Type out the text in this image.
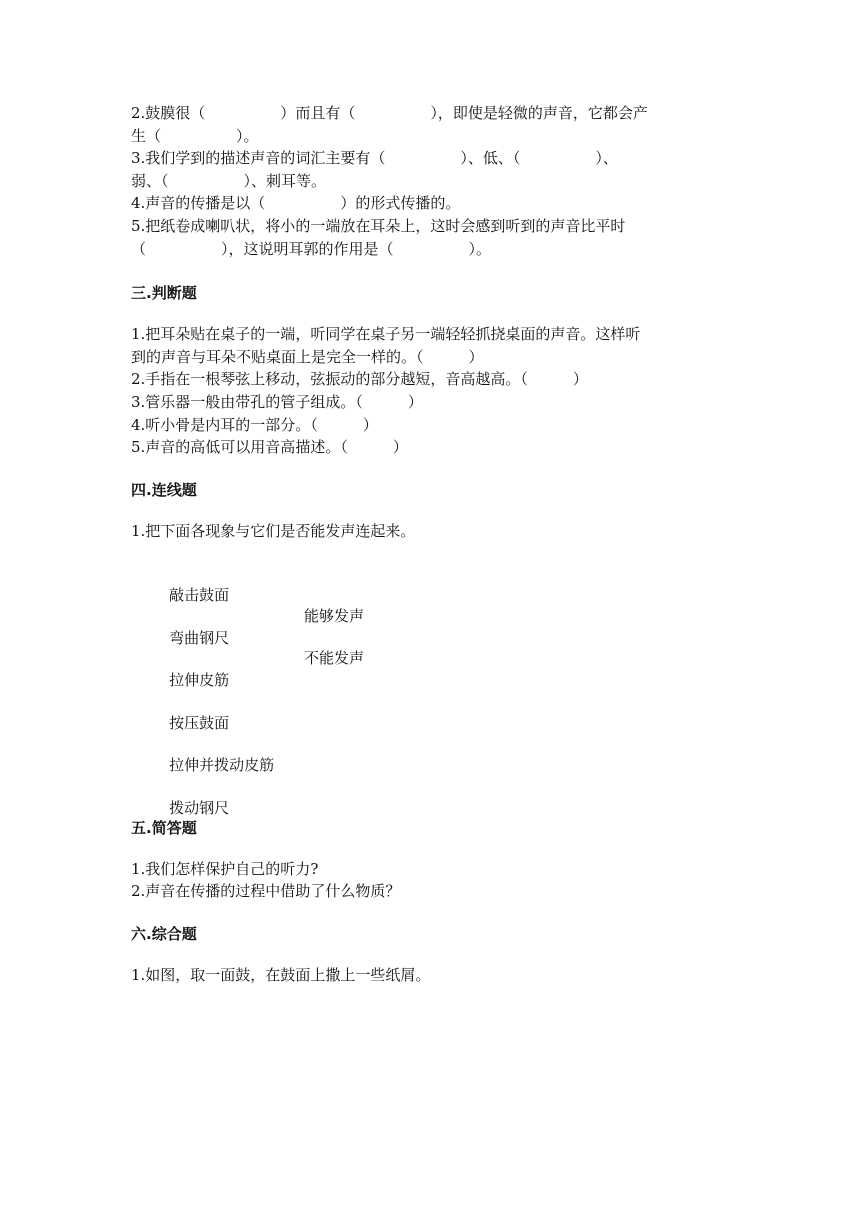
2.鼓膜很（　　　　　）而且有（　　　　　），即使是轻微的声音，它都会产

生（　　　　　）。

3.我们学到的描述声音的词汇主要有（　　　　　）、低、（　　　　　）、

弱、（　　　　　）、刺耳等。

4.声音的传播是以（　　　　　）的形式传播的。

5.把纸卷成喇叭状，将小的一端放在耳朵上，这时会感到听到的声音比平时

（　　　　　），这说明耳郭的作用是（　　　　　）。

三.判断题

1.把耳朵贴在桌子的一端，听同学在桌子另一端轻轻抓挠桌面的声音。这样听

到的声音与耳朵不贴桌面上是完全一样的。（　　　）

2.手指在一根琴弦上移动，弦振动的部分越短，音高越高。（　　　）

3.管乐器一般由带孔的管子组成。（　　　）

4.听小骨是内耳的一部分。（　　　）

5.声音的高低可以用音高描述。（　　　）

四.连线题

1.把下面各现象与它们是否能发声连起来。

敲击鼓面

弯曲钢尺

能够发声

拉伸皮筋

不能发声

按压鼓面

拉伸并拨动皮筋

拨动钢尺

五.简答题

1.我们怎样保护自己的听力?

2.声音在传播的过程中借助了什么物质？

六.综合题

1.如图，取一面鼓，在鼓面上撒上一些纸屑。
